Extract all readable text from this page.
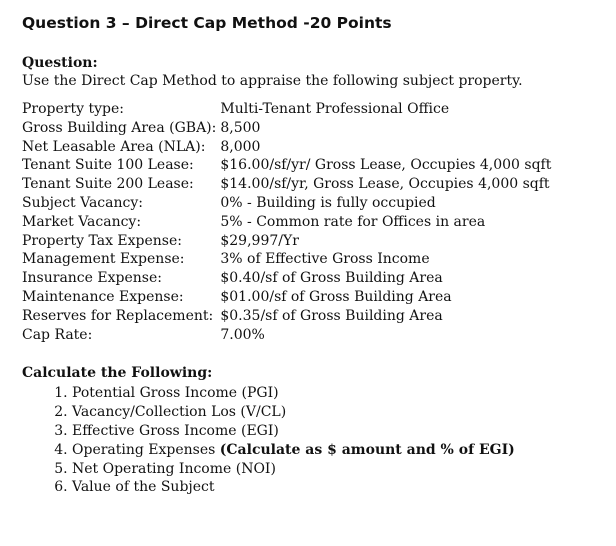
Question 3 – Direct Cap Method -20 Points
Question:
Use the Direct Cap Method to appraise the following subject property.
Property type:	Multi-Tenant Professional Office
Gross Building Area (GBA):	8,500
Net Leasable Area (NLA):	8,000
Tenant Suite 100 Lease:	$16.00/sf/yr/ Gross Lease, Occupies 4,000 sqft
Tenant Suite 200 Lease:	$14.00/sf/yr, Gross Lease, Occupies 4,000 sqft
Subject Vacancy:	0% - Building is fully occupied
Market Vacancy:	5% - Common rate for Offices in area
Property Tax Expense:	$29,997/Yr
Management Expense:	3% of Effective Gross Income
Insurance Expense:	$0.40/sf of Gross Building Area
Maintenance Expense:	$01.00/sf of Gross Building Area
Reserves for Replacement:	$0.35/sf of Gross Building Area
Cap Rate:	7.00%
Calculate the Following:
1. Potential Gross Income (PGI)
2. Vacancy/Collection Los (V/CL)
3. Effective Gross Income (EGI)
4. Operating Expenses (Calculate as $ amount and % of EGI)
5. Net Operating Income (NOI)
6. Value of the Subject
